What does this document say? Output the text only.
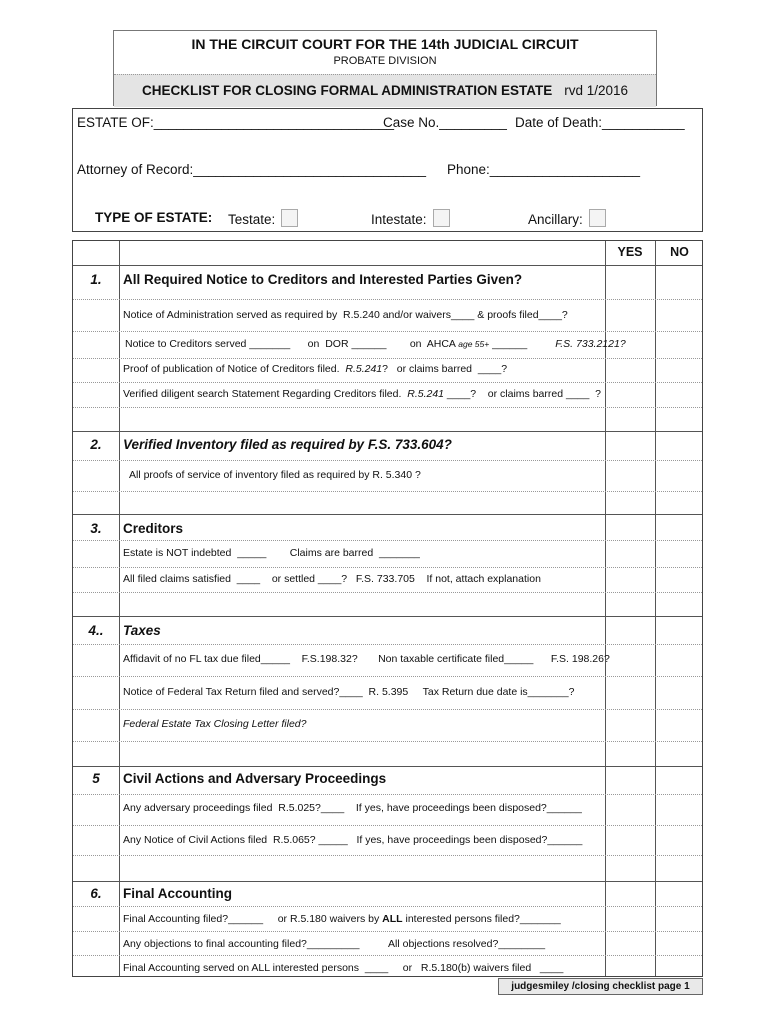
IN THE CIRCUIT COURT FOR THE 14th JUDICIAL CIRCUIT
PROBATE DIVISION
CHECKLIST FOR CLOSING FORMAL ADMINISTRATION ESTATE rvd 1/2016
ESTATE OF:________________________________
Case No._________ Date of Death:___________
Attorney of Record:_______________________________ Phone:____________________
TYPE OF ESTATE: Testate:	Intestate:	Ancillary:
YES	NO
1.	All Required Notice to Creditors and Interested Parties Given?
Notice of Administration served as required by  R.5.240 and/or waivers____ & proofs filed____?
Notice to Creditors served _______      on  DOR ______        on  AHCA age 55+ ______	F.S. 733.2121?
Proof of publication of Notice of Creditors filed.  R.5.241?   or claims barred  ____?
Verified diligent search Statement Regarding Creditors filed.  R.5.241 ____?    or claims barred ____  ?
2.	Verified Inventory filed as required by F.S. 733.604?
All proofs of service of inventory filed as required by R. 5.340 ?
3.	Creditors
Estate is NOT indebted  _____        Claims are barred  _______
All filed claims satisfied  ____    or settled ____?   F.S. 733.705    If not, attach explanation
4..	Taxes
Affidavit of no FL tax due filed_____    F.S.198.32?       Non taxable certificate filed_____      F.S. 198.26?
Notice of Federal Tax Return filed and served?____  R. 5.395     Tax Return due date is_______?
Federal Estate Tax Closing Letter filed?
5	Civil Actions and Adversary Proceedings
Any adversary proceedings filed  R.5.025?____    If yes, have proceedings been disposed?______
Any Notice of Civil Actions filed  R.5.065? _____   If yes, have proceedings been disposed?______
6.	Final Accounting
Final Accounting filed?______     or R.5.180 waivers by ALL interested persons filed?_______
Any objections to final accounting filed?_________          All objections resolved?________
Final Accounting served on ALL interested persons  ____     or   R.5.180(b) waivers filed   ____
judgesmiley /closing checklist page 1
